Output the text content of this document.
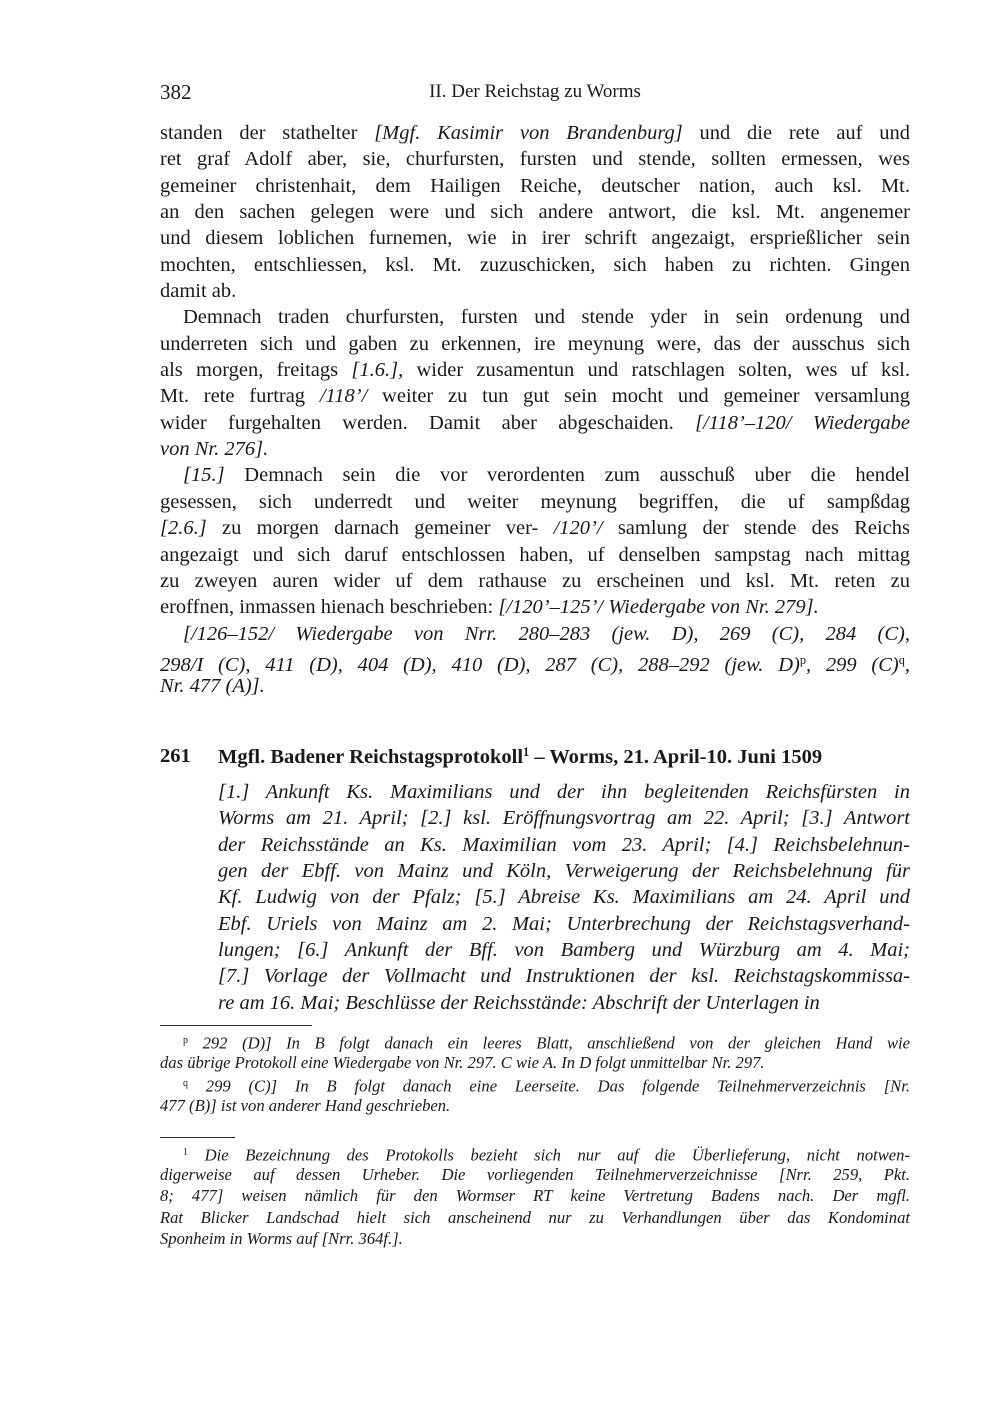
382	II. Der Reichstag zu Worms
standen der stathelter [Mgf. Kasimir von Brandenburg] und die rete auf und
ret graf Adolf aber, sie, churfursten, fursten und stende, sollten ermessen, wes
gemeiner christenhait, dem Hailigen Reiche, deutscher nation, auch ksl. Mt.
an den sachen gelegen were und sich andere antwort, die ksl. Mt. angenemer
und diesem loblichen furnemen, wie in irer schrift angezaigt, ersprießlicher sein
mochten, entschliessen, ksl. Mt. zuzuschicken, sich haben zu richten. Gingen
damit ab.
Demnach traden churfursten, fursten und stende yder in sein ordenung und
underreten sich und gaben zu erkennen, ire meynung were, das der ausschus sich
als morgen, freitags [1.6.], wider zusamentun und ratschlagen solten, wes uf ksl.
Mt. rete furtrag /118’/ weiter zu tun gut sein mocht und gemeiner versamlung
wider furgehalten werden. Damit aber abgeschaiden. [/118’–120/ Wiedergabe
von Nr. 276].
[15.] Demnach sein die vor verordenten zum ausschuß uber die hendel
gesessen, sich underredt und weiter meynung begriffen, die uf sampßdag
[2.6.] zu morgen darnach gemeiner ver- /120’/ samlung der stende des Reichs
angezaigt und sich daruf entschlossen haben, uf denselben sampstag nach mittag
zu zweyen auren wider uf dem rathause zu erscheinen und ksl. Mt. reten zu
eroffnen, inmassen hienach beschrieben: [/120’–125’/ Wiedergabe von Nr. 279].
[/126–152/ Wiedergabe von Nrr. 280–283 (jew. D), 269 (C), 284 (C),
298/I (C), 411 (D), 404 (D), 410 (D), 287 (C), 288–292 (jew. D)$^p$, 299 $(C)^q$,
Nr. 477 (A)].
261 Mgfl. Badener Reichstagsprotokoll$^1$ – Worms, 21. April-10. Juni 1509
[1.] Ankunft Ks. Maximilians und der ihn begleitenden Reichsfürsten in
Worms am 21. April; [2.] ksl. Eröffnungsvortrag am 22. April; [3.] Antwort
der Reichsstände an Ks. Maximilian vom 23. April; [4.] Reichsbelehnun-
gen der Ebff. von Mainz und Köln, Verweigerung der Reichsbelehnung für
Kf. Ludwig von der Pfalz; [5.] Abreise Ks. Maximilians am 24. April und
Ebf. Uriels von Mainz am 2. Mai; Unterbrechung der Reichstagsverhand-
lungen; [6.] Ankunft der Bff. von Bamberg und Würzburg am 4. Mai;
[7.] Vorlage der Vollmacht und Instruktionen der ksl. Reichstagskommissa-
re am 16. Mai; Beschlüsse der Reichsstände: Abschrift der Unterlagen in
$^p$ 292 (D)] In B folgt danach ein leeres Blatt, anschließend von der gleichen Hand wie
das übrige Protokoll eine Wiedergabe von Nr. 297. C wie A. In D folgt unmittelbar Nr. 297.
$^q$ 299 (C)] In B folgt danach eine Leerseite. Das folgende Teilnehmerverzeichnis [Nr.
477 (B)] ist von anderer Hand geschrieben.
$^1$ Die Bezeichnung des Protokolls bezieht sich nur auf die Überlieferung, nicht notwen-
digerweise auf dessen Urheber. Die vorliegenden Teilnehmerverzeichnisse [Nrr. 259, Pkt.
8; 477] weisen nämlich für den Wormser RT keine Vertretung Badens nach. Der mgfl.
Rat Blicker Landschad hielt sich anscheinend nur zu Verhandlungen über das Kondominat
Sponheim in Worms auf [Nrr. 364f.].
